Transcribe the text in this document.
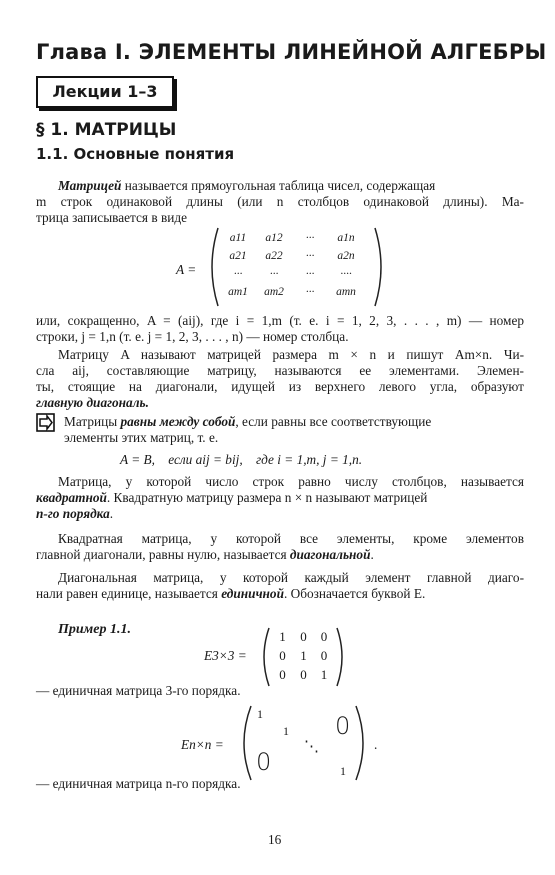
Глава I. ЭЛЕМЕНТЫ ЛИНЕЙНОЙ АЛГЕБРЫ
Лекции 1–3
§ 1. МАТРИЦЫ
1.1. Основные понятия
Матрицей называется прямоугольная таблица чисел, содержащая
m строк одинаковой длины (или n столбцов одинаковой длины). Ма-
трица записывается в виде
A =
a11	a12	···	a1n
a21	a22	···	a2n
···	···	···	····
am1	am2	···	amn
или, сокращенно, A = (aij), где i = 1,m (т. е. i = 1, 2, 3, . . . , m) — номер
строки, j = 1,n (т. е. j = 1, 2, 3, . . . , n) — номер столбца.
Матрицу A называют матрицей размера m × n и пишут Am×n. Чи-
сла aij, составляющие матрицу, называются ее элементами. Элемен-
ты, стоящие на диагонали, идущей из верхнего левого угла, образуют
главную диагональ.
Матрицы равны между собой, если равны все соответствующие
элементы этих матриц, т. е.
A = B,    если aij = bij,    где i = 1,m, j = 1,n.
Матрица, у которой число строк равно числу столбцов, называется
квадратной. Квадратную матрицу размера n × n называют матрицей
n-го порядка.
Квадратная матрица, у которой все элементы, кроме элементов
главной диагонали, равны нулю, называется диагональной.
Диагональная матрица, у которой каждый элемент главной диаго-
нали равен единице, называется единичной. Обозначается буквой E.
Пример 1.1.
E3×3 =
1	0	0
0	1	0
0	0	1
— единичная матрица 3-го порядка.
En×n =
1
1 0
⋱
0	1
.
— единичная матрица n-го порядка.
16
